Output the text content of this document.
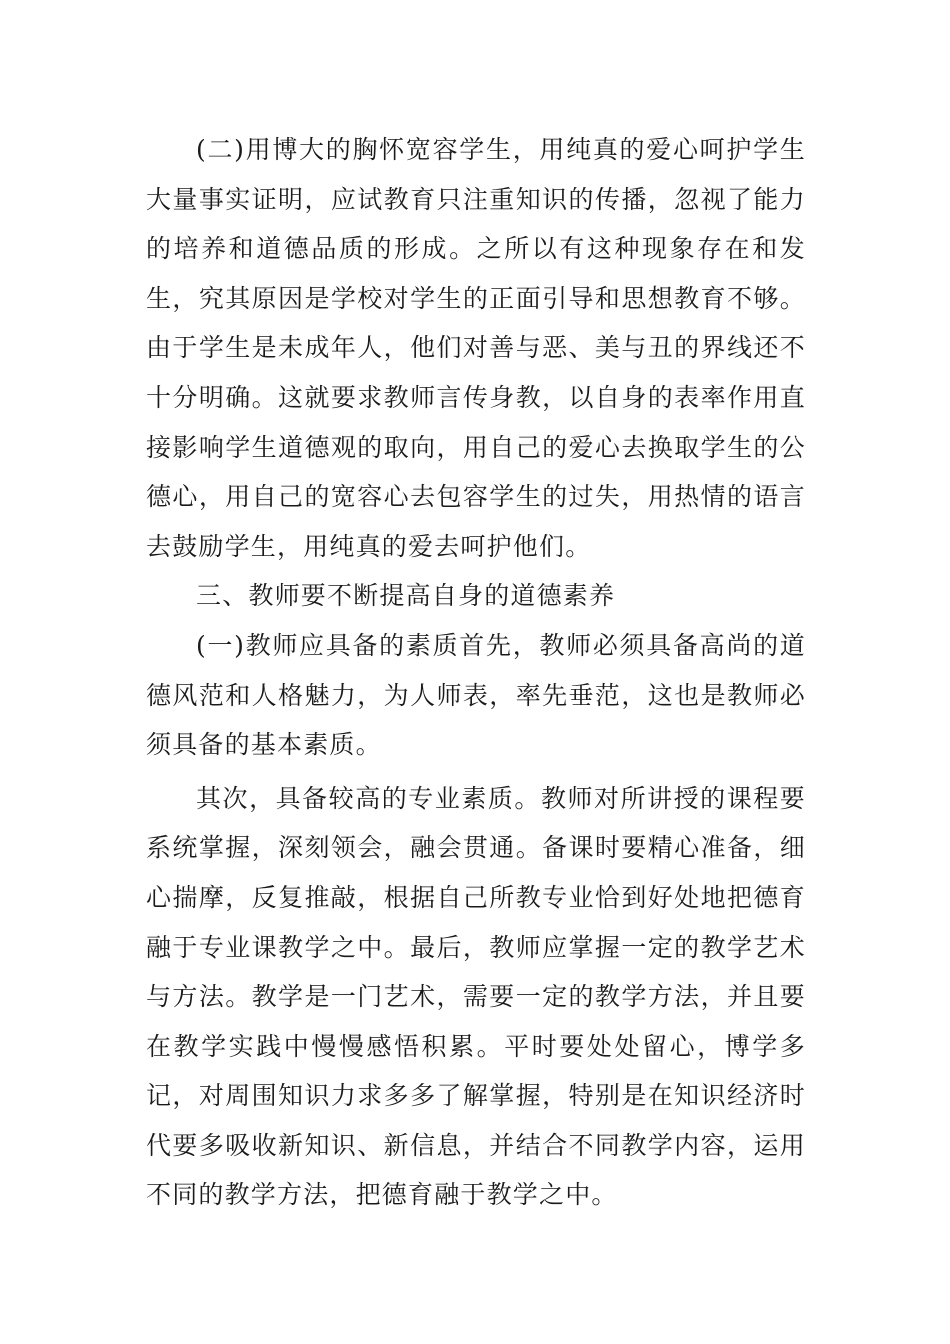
(二)用博大的胸怀宽容学生，用纯真的爱心呵护学生大量事实证明，应试教育只注重知识的传播，忽视了能力的培养和道德品质的形成。之所以有这种现象存在和发生，究其原因是学校对学生的正面引导和思想教育不够。由于学生是未成年人，他们对善与恶、美与丑的界线还不十分明确。这就要求教师言传身教，以自身的表率作用直接影响学生道德观的取向，用自己的爱心去换取学生的公德心，用自己的宽容心去包容学生的过失，用热情的语言去鼓励学生，用纯真的爱去呵护他们。

三、教师要不断提高自身的道德素养

(一)教师应具备的素质首先，教师必须具备高尚的道德风范和人格魅力，为人师表，率先垂范，这也是教师必须具备的基本素质。

其次，具备较高的专业素质。教师对所讲授的课程要系统掌握，深刻领会，融会贯通。备课时要精心准备，细心揣摩，反复推敲，根据自己所教专业恰到好处地把德育融于专业课教学之中。最后，教师应掌握一定的教学艺术与方法。教学是一门艺术，需要一定的教学方法，并且要在教学实践中慢慢感悟积累。平时要处处留心，博学多记，对周围知识力求多多了解掌握，特别是在知识经济时代要多吸收新知识、新信息，并结合不同教学内容，运用不同的教学方法，把德育融于教学之中。
